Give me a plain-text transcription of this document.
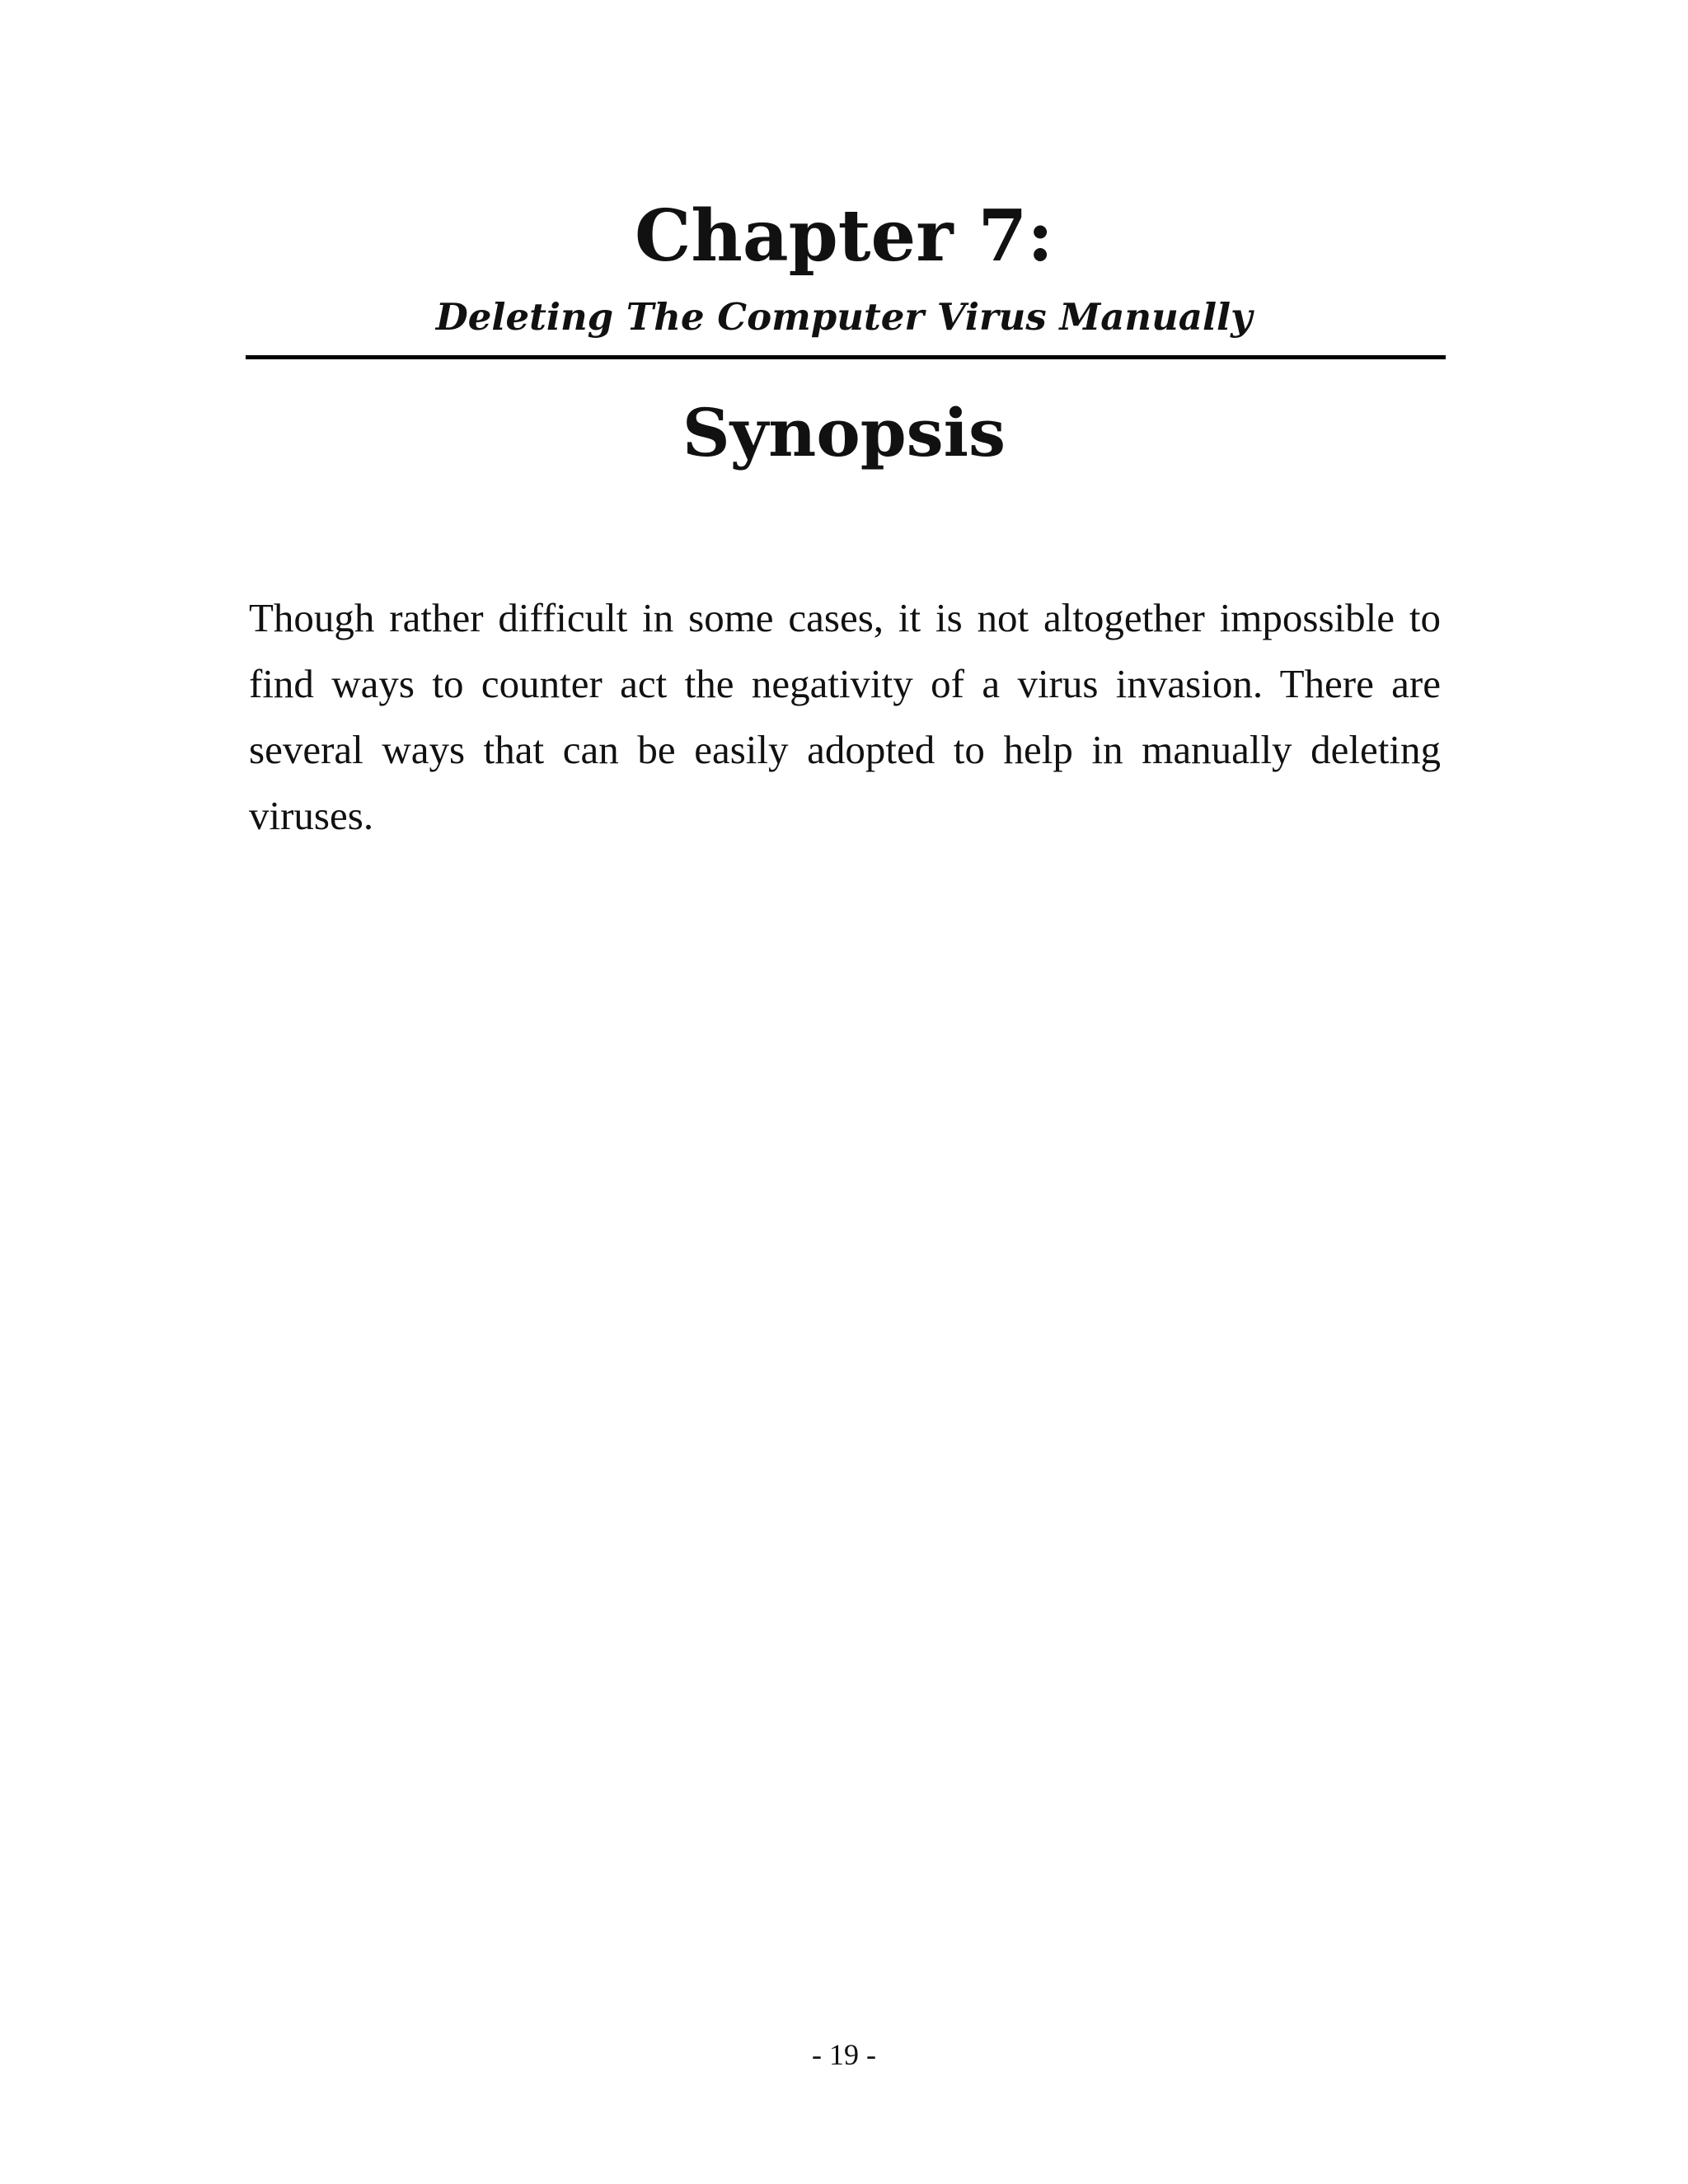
Chapter 7:
Deleting The Computer Virus Manually
Synopsis

Though rather difficult in some cases, it is not altogether impossible to find ways to counter act the negativity of a virus invasion. There are several ways that can be easily adopted to help in manually deleting viruses.

- 19 -
